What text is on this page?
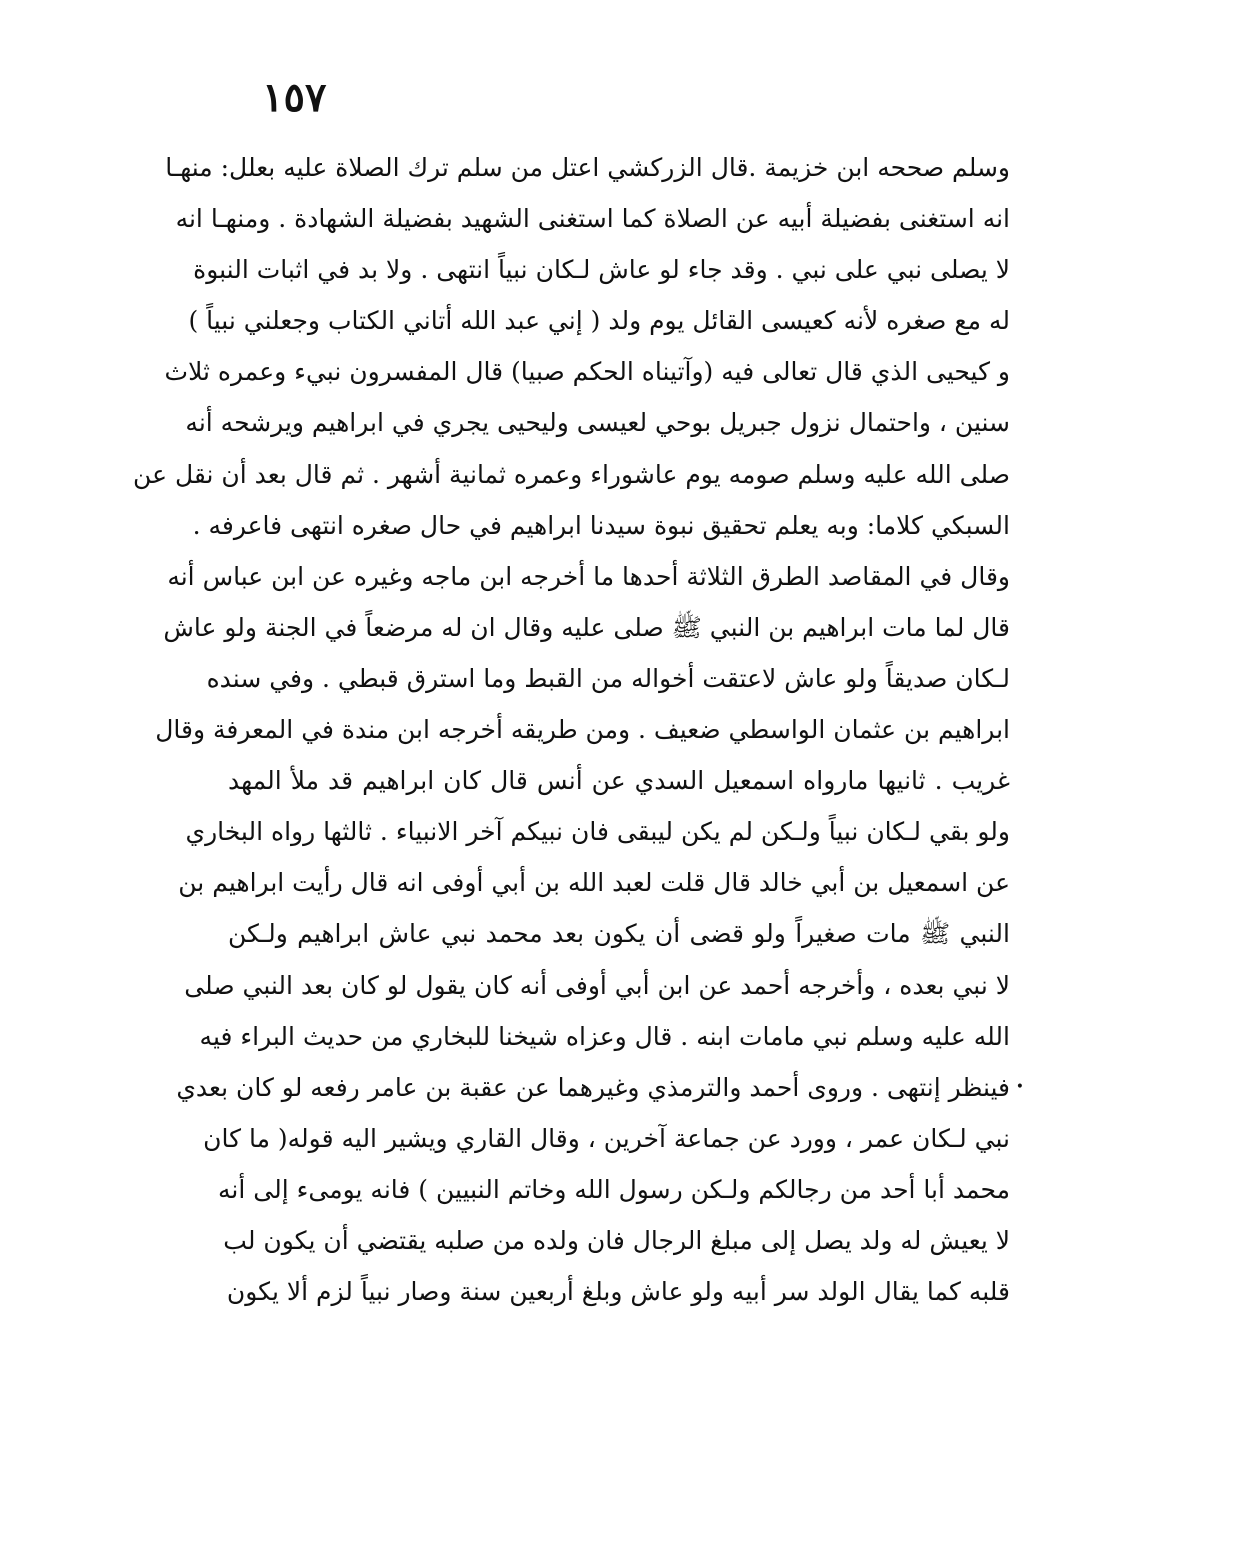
١٥٧
وسلم صححه ابن خزيمة .قال الزركشي اعتل من سلم ترك الصلاة عليه بعلل: منهـا
انه استغنى بفضيلة أبيه عن الصلاة كما استغنى الشهيد بفضيلة الشهادة . ومنهـا انه
لا يصلى نبي على نبي . وقد جاء لو عاش لـكان نبياً انتهى . ولا بد في اثبات النبوة
له مع صغره لأنه كعيسى القائل يوم ولد ( إني عبد الله أتاني الكتاب وجعلني نبياً )
و كيحيى الذي قال تعالى فيه (وآتيناه الحكم صبيا) قال المفسرون نبيء وعمره ثلاث
سنين ، واحتمال نزول جبريل بوحي لعيسى وليحيى يجري في ابراهيم ويرشحه أنه
صلى الله عليه وسلم صومه يوم عاشوراء وعمره ثمانية أشهر . ثم قال بعد أن نقل عن
السبكي كلاما: وبه يعلم تحقيق نبوة سيدنا ابراهيم في حال صغره انتهى فاعرفه .
وقال في المقاصد الطرق الثلاثة أحدها ما أخرجه ابن ماجه وغيره عن ابن عباس أنه
قال لما مات ابراهيم بن النبي ﷺ صلى عليه وقال ان له مرضعاً في الجنة ولو عاش
لـكان صديقاً ولو عاش لاعتقت أخواله من القبط وما استرق قبطي . وفي سنده
ابراهيم بن عثمان الواسطي ضعيف . ومن طريقه أخرجه ابن مندة في المعرفة وقال
غريب . ثانيها مارواه اسمعيل السدي عن أنس قال كان ابراهيم قد ملأ المهد
ولو بقي لـكان نبياً ولـكن لم يكن ليبقى فان نبيكم آخر الانبياء . ثالثها رواه البخاري
عن اسمعيل بن أبي خالد قال قلت لعبد الله بن أبي أوفى انه قال رأيت ابراهيم بن
النبي ﷺ مات صغيراً ولو قضى أن يكون بعد محمد نبي عاش ابراهيم ولـكن
لا نبي بعده ، وأخرجه أحمد عن ابن أبي أوفى أنه كان يقول لو كان بعد النبي صلى
الله عليه وسلم نبي مامات ابنه . قال وعزاه شيخنا للبخاري من حديث البراء فيه
•
فينظر إنتهى . وروى أحمد والترمذي وغيرهما عن عقبة بن عامر رفعه لو كان بعدي
نبي لـكان عمر ، وورد عن جماعة آخرين ، وقال القاري ويشير اليه قوله( ما كان
محمد أبا أحد من رجالكم ولـكن رسول الله وخاتم النبيين ) فانه يومىء إلى أنه
لا يعيش له ولد يصل إلى مبلغ الرجال فان ولده من صلبه يقتضي أن يكون لب
قلبه كما يقال الولد سر أبيه ولو عاش وبلغ أربعين سنة وصار نبياً لزم ألا يكون
